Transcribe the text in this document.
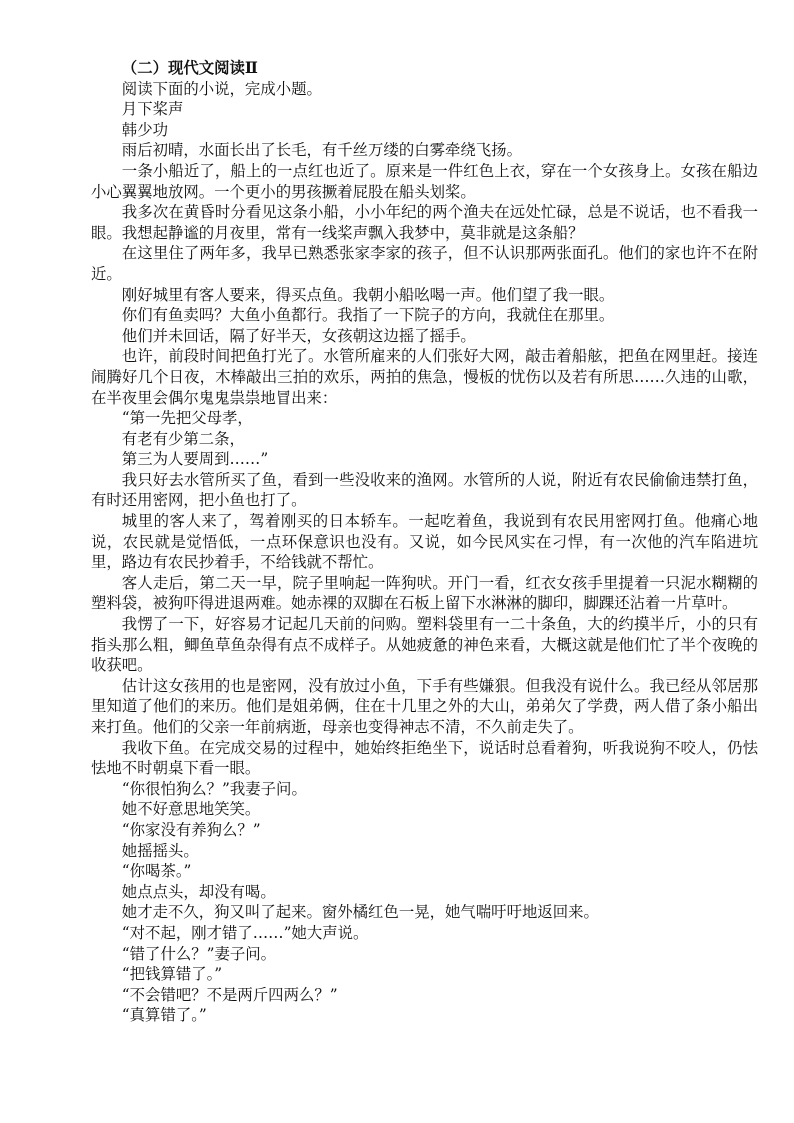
（二）现代文阅读Ⅱ

阅读下面的小说，完成小题。

月下桨声

韩少功

雨后初晴，水面长出了长毛，有千丝万缕的白雾牵绕飞扬。

一条小船近了，船上的一点红也近了。原来是一件红色上衣，穿在一个女孩身上。女孩在船边小心翼翼地放网。一个更小的男孩撅着屁股在船头划桨。

我多次在黄昏时分看见这条小船，小小年纪的两个渔夫在远处忙碌，总是不说话，也不看我一眼。我想起静谧的月夜里，常有一线桨声飘入我梦中，莫非就是这条船？

在这里住了两年多，我早已熟悉张家李家的孩子，但不认识那两张面孔。他们的家也许不在附近。

刚好城里有客人要来，得买点鱼。我朝小船吆喝一声。他们望了我一眼。

你们有鱼卖吗？大鱼小鱼都行。我指了一下院子的方向，我就住在那里。

他们并未回话，隔了好半天，女孩朝这边摇了摇手。

也许，前段时间把鱼打光了。水管所雇来的人们张好大网，敲击着船舷，把鱼在网里赶。接连闹腾好几个日夜，木棒敲出三拍的欢乐，两拍的焦急，慢板的忧伤以及若有所思……久违的山歌，在半夜里会偶尔鬼鬼祟祟地冒出来：

“第一先把父母孝，

有老有少第二条，

第三为人要周到……”

我只好去水管所买了鱼，看到一些没收来的渔网。水管所的人说，附近有农民偷偷违禁打鱼，有时还用密网，把小鱼也打了。

城里的客人来了，驾着刚买的日本轿车。一起吃着鱼，我说到有农民用密网打鱼。他痛心地说，农民就是觉悟低，一点环保意识也没有。又说，如今民风实在刁悍，有一次他的汽车陷进坑里，路边有农民抄着手，不给钱就不帮忙。

客人走后，第二天一早，院子里响起一阵狗吠。开门一看，红衣女孩手里提着一只泥水糊糊的塑料袋，被狗吓得进退两难。她赤裸的双脚在石板上留下水淋淋的脚印，脚踝还沾着一片草叶。

我愣了一下，好容易才记起几天前的问购。塑料袋里有一二十条鱼，大的约摸半斤，小的只有指头那么粗，鲫鱼草鱼杂得有点不成样子。从她疲惫的神色来看，大概这就是他们忙了半个夜晚的收获吧。

估计这女孩用的也是密网，没有放过小鱼，下手有些嫌狠。但我没有说什么。我已经从邻居那里知道了他们的来历。他们是姐弟俩，住在十几里之外的大山，弟弟欠了学费，两人借了条小船出来打鱼。他们的父亲一年前病逝，母亲也变得神志不清，不久前走失了。

我收下鱼。在完成交易的过程中，她始终拒绝坐下，说话时总看着狗，听我说狗不咬人，仍怯怯地不时朝桌下看一眼。

“你很怕狗么？”我妻子问。

她不好意思地笑笑。

“你家没有养狗么？”

她摇摇头。

“你喝茶。”

她点点头，却没有喝。

她才走不久，狗又叫了起来。窗外橘红色一晃，她气喘吁吁地返回来。

“对不起，刚才错了……”她大声说。

“错了什么？”妻子问。

“把钱算错了。”

“不会错吧？不是两斤四两么？”

“真算错了。”
